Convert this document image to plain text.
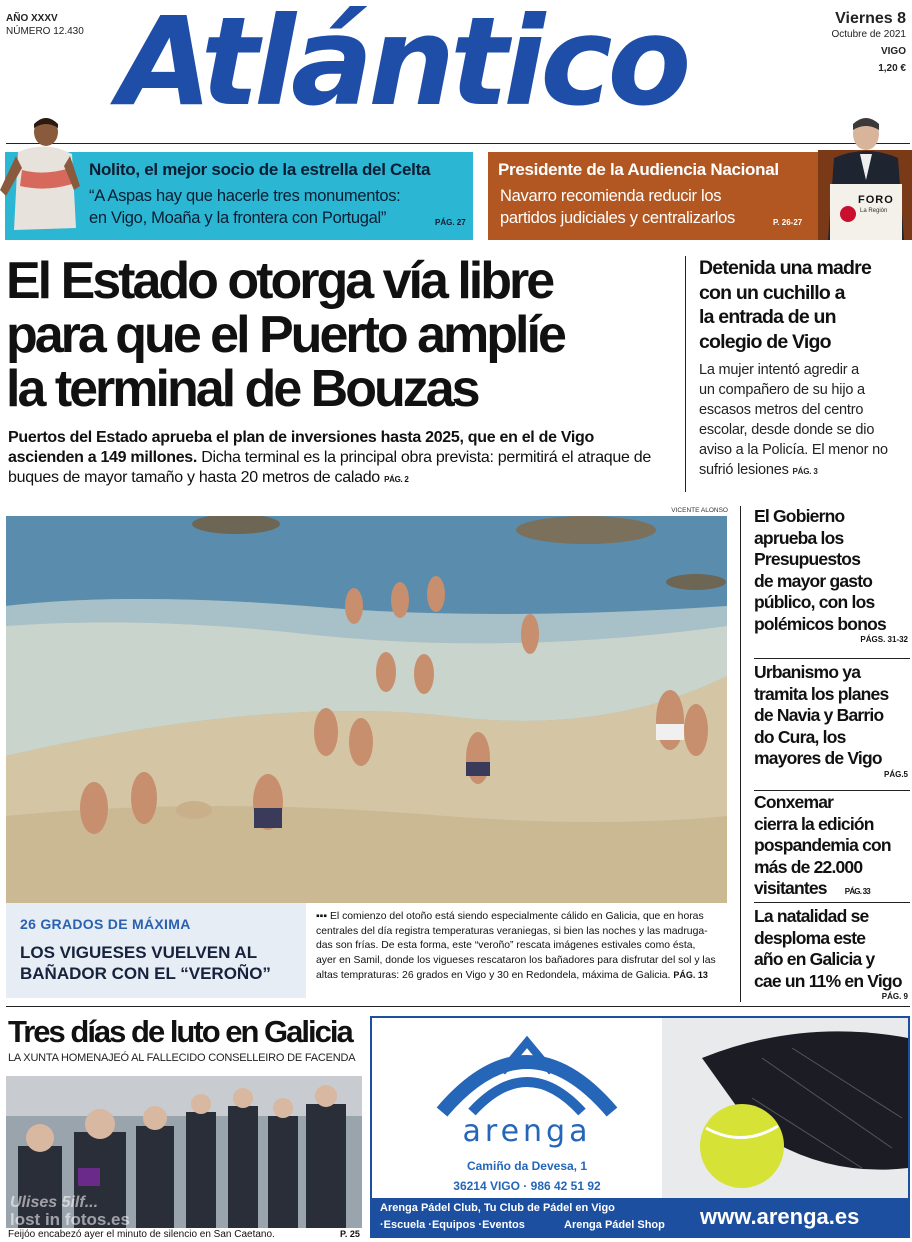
AÑO XXXV
NÚMERO 12.430 Atlántico	Viernes 8
Octubre de 2021
VIGO
1,20 €
Nolito, el mejor socio de la estrella del Celta
“A Aspas hay que hacerle tres monumentos:
en Vigo, Moaña y la frontera con Portugal”	PÁG. 27
Presidente de la Audiencia Nacional
Navarro recomienda reducir los
partidos judiciales y centralizarlos	P. 26-27
FORO
La Región
El Estado otorga vía libre
para que el Puerto amplíe
la terminal de Bouzas
Puertos del Estado aprueba el plan de inversiones hasta 2025, que en el de Vigo ascienden a 149 millones. Dicha terminal es la principal obra prevista: permitirá el atraque de buques de mayor tamaño y hasta 20 metros de calado PÁG. 2
Detenida una madre
con un cuchillo a
la entrada de un
colegio de Vigo
La mujer intentó agredir a
un compañero de su hijo a
escasos metros del centro
escolar, desde donde se dio
aviso a la Policía. El menor no
sufrió lesiones PÁG. 3
VICENTE ALONSO
26 GRADOS DE MÁXIMA
LOS VIGUESES VUELVEN AL
BAÑADOR CON EL “VEROÑO”
▪▪▪ El comienzo del otoño está siendo especialmente cálido en Galicia, que en horas
centrales del día registra temperaturas veraniegas, si bien las noches y las madruga-
das son frías. De esta forma, este “veroño” rescata imágenes estivales como ésta,
ayer en Samil, donde los vigueses rescataron los bañadores para disfrutar del sol y las
altas tempraturas: 26 grados en Vigo y 30 en Redondela, máxima de Galicia. PÁG. 13
El Gobierno
aprueba los
Presupuestos
de mayor gasto
público, con los
polémicos bonos
PÁGS. 31-32
Urbanismo ya
tramita los planes
de Navia y Barrio
do Cura, los
mayores de Vigo
PÁG.5
Conxemar
cierra la edición
pospandemia con
más de 22.000
visitantes PÁG. 33
La natalidad se
desploma este
año en Galicia y
cae un 11% en Vigo
PÁG. 9
Tres días de luto en Galicia
LA XUNTA HOMENAJEÓ AL FALLECIDO CONSELLEIRO DE FACENDA
Ulises 5ilf...
lost in fotos.es
Feijóo encabezó ayer el minuto de silencio en San Caetano.	P. 25
arenga
Camiño da Devesa, 1
36214 VIGO · 986 42 51 92
Arenga Pádel Club, Tu Club de Pádel en Vigo
·Escuela ·Equipos ·Eventos	Arenga Pádel Shop www.arenga.es
